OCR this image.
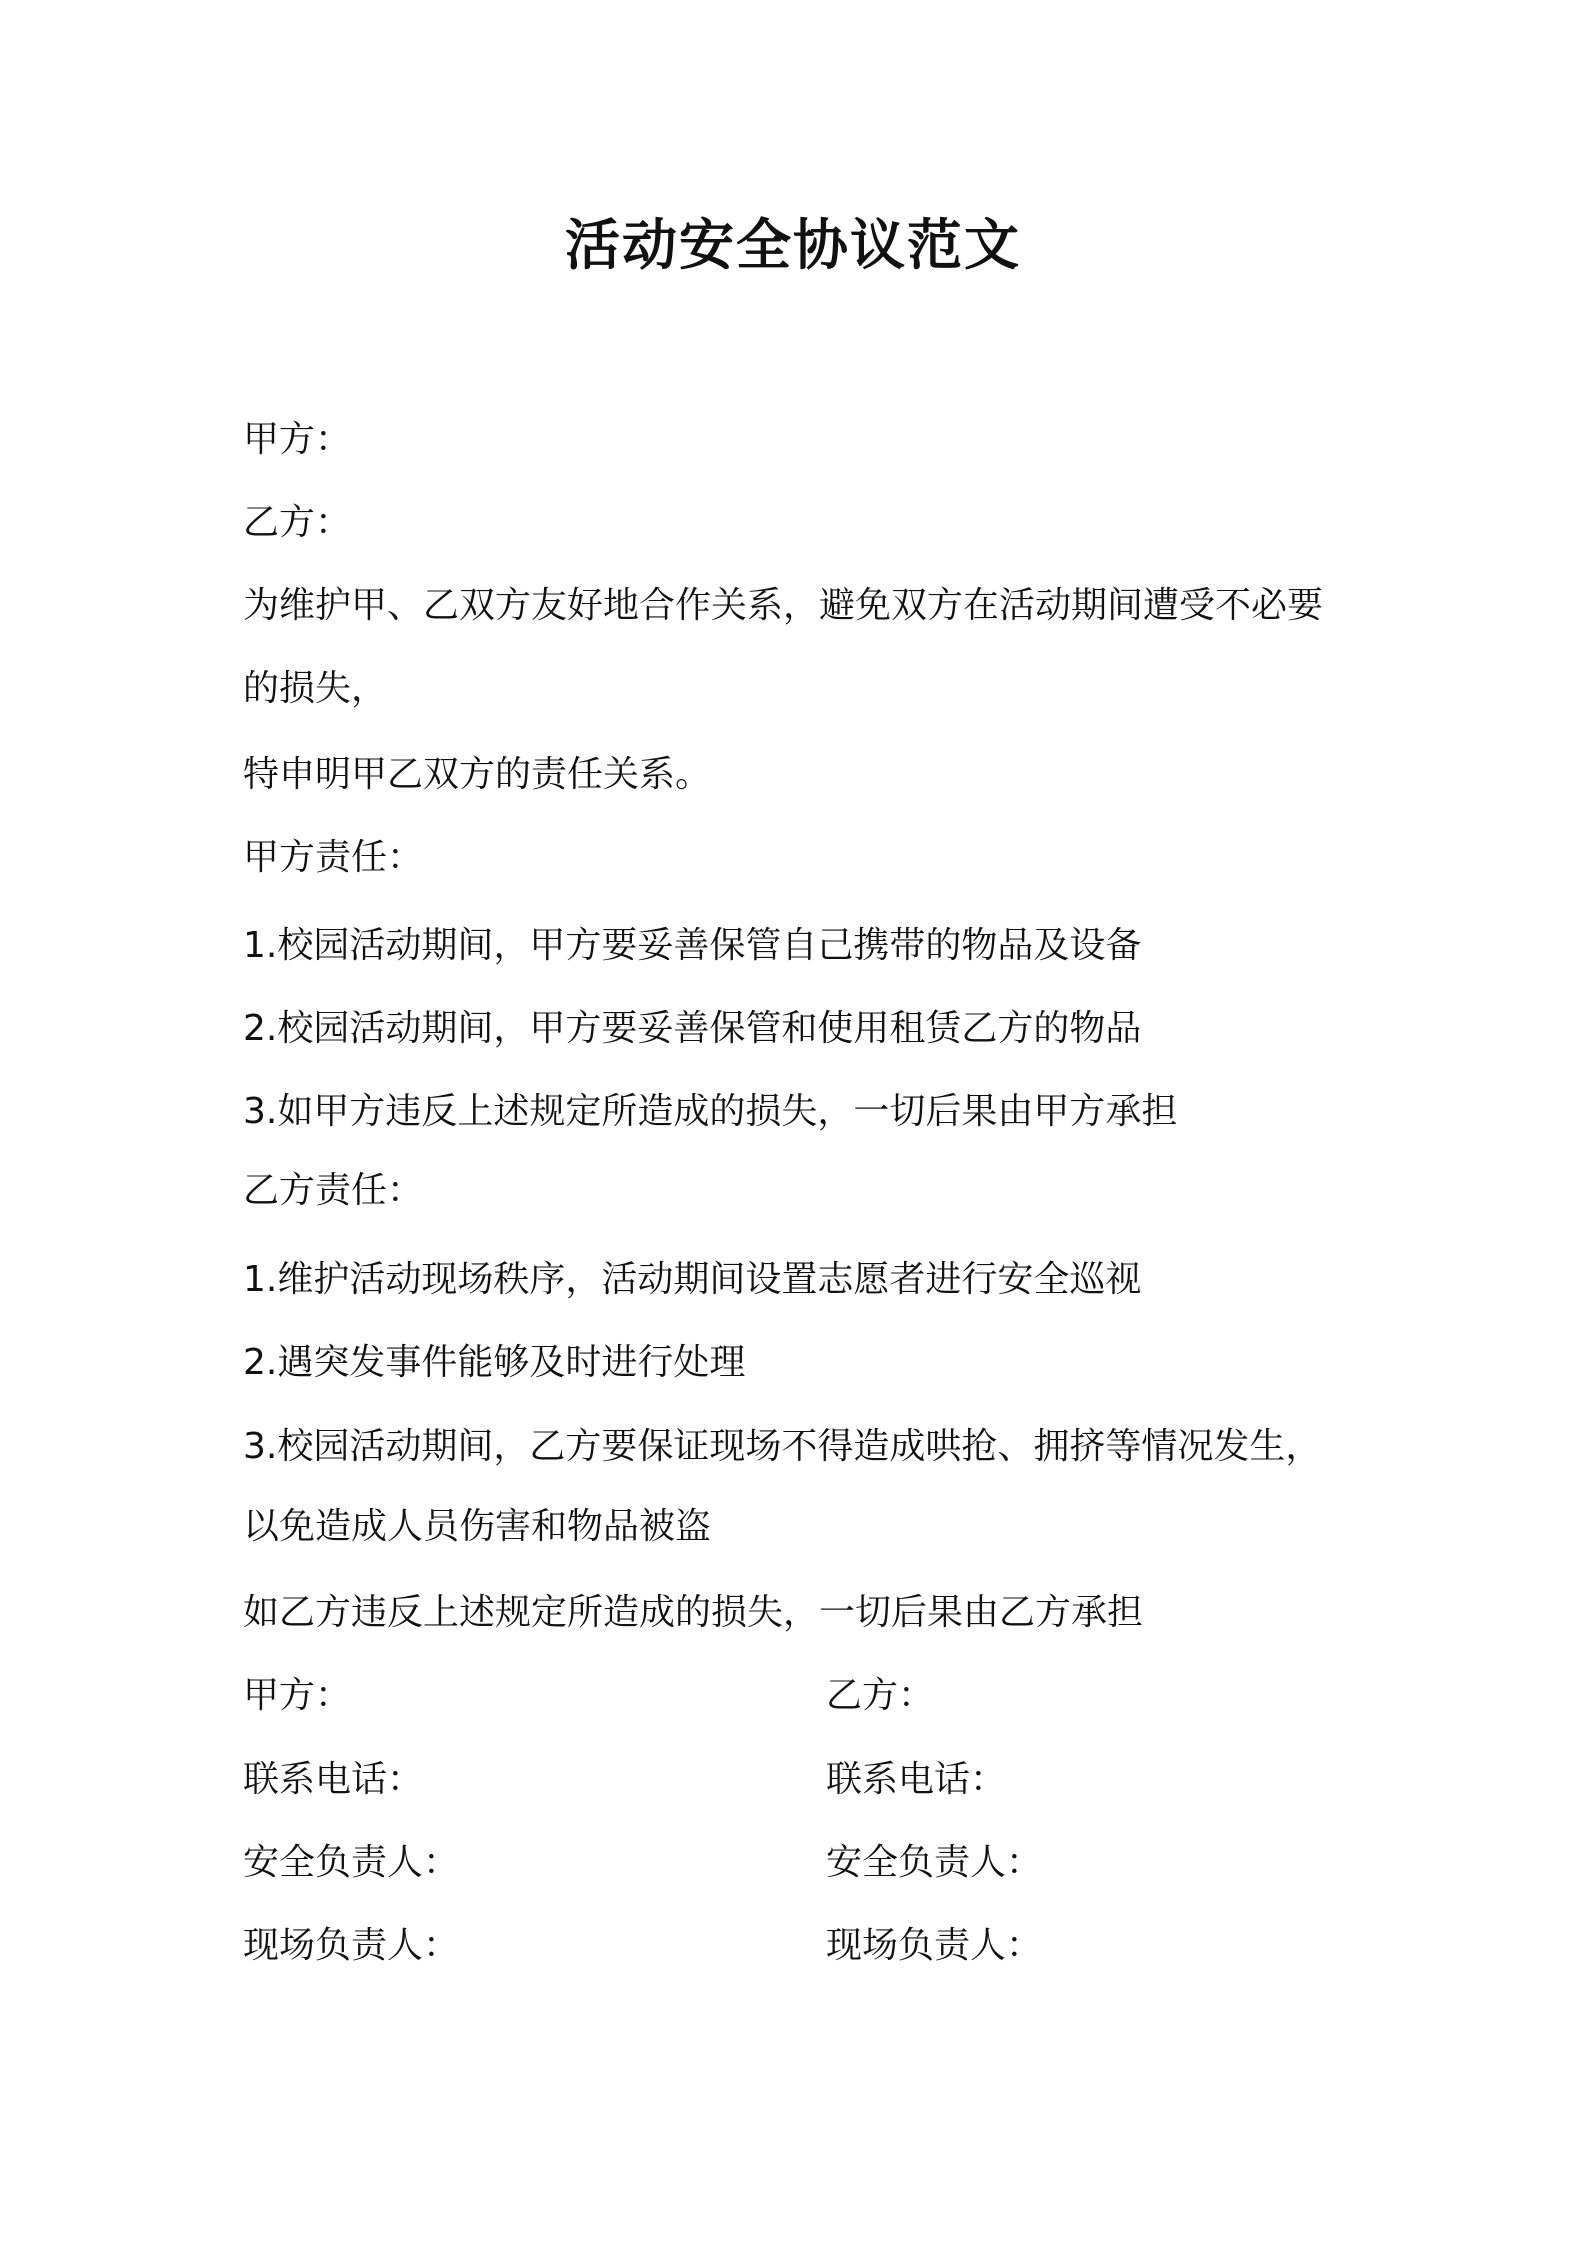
活动安全协议范文

甲方：

乙方：

为维护甲、乙双方友好地合作关系，避免双方在活动期间遭受不必要

的损失，

特申明甲乙双方的责任关系。

甲方责任：

1.校园活动期间，甲方要妥善保管自己携带的物品及设备

2.校园活动期间，甲方要妥善保管和使用租赁乙方的物品

3.如甲方违反上述规定所造成的损失，一切后果由甲方承担

乙方责任：

1.维护活动现场秩序，活动期间设置志愿者进行安全巡视

2.遇突发事件能够及时进行处理

3.校园活动期间，乙方要保证现场不得造成哄抢、拥挤等情况发生，

以免造成人员伤害和物品被盗

如乙方违反上述规定所造成的损失，一切后果由乙方承担

甲方：	乙方：

联系电话：	联系电话：

安全负责人：	安全负责人：

现场负责人：	现场负责人：
